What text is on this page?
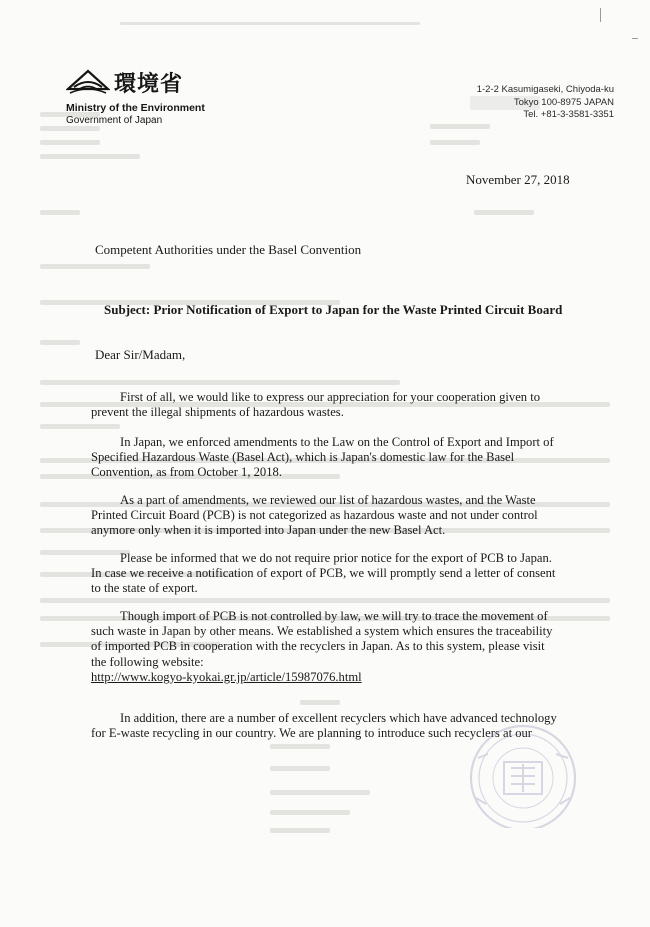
環境省
Ministry of the Environment
Government of Japan
1-2-2 Kasumigaseki, Chiyoda-ku
Tokyo 100-8975 JAPAN
Tel. +81-3-3581-3351
November 27, 2018
Competent Authorities under the Basel Convention
Subject: Prior Notification of Export to Japan for the Waste Printed Circuit Board
Dear Sir/Madam,
First of all, we would like to express our appreciation for your cooperation given to
prevent the illegal shipments of hazardous wastes.
In Japan, we enforced amendments to the Law on the Control of Export and Import of
Specified Hazardous Waste (Basel Act), which is Japan's domestic law for the Basel
Convention, as from October 1, 2018.
As a part of amendments, we reviewed our list of hazardous wastes, and the Waste
Printed Circuit Board (PCB) is not categorized as hazardous waste and not under control
anymore only when it is imported into Japan under the new Basel Act.
Please be informed that we do not require prior notice for the export of PCB to Japan.
In case we receive a notification of export of PCB, we will promptly send a letter of consent
to the state of export.
Though import of PCB is not controlled by law, we will try to trace the movement of
such waste in Japan by other means. We established a system which ensures the traceability
of imported PCB in cooperation with the recyclers in Japan. As to this system, please visit
the following website:
http://www.kogyo-kyokai.gr.jp/article/15987076.html
In addition, there are a number of excellent recyclers which have advanced technology
for E-waste recycling in our country. We are planning to introduce such recyclers at our
